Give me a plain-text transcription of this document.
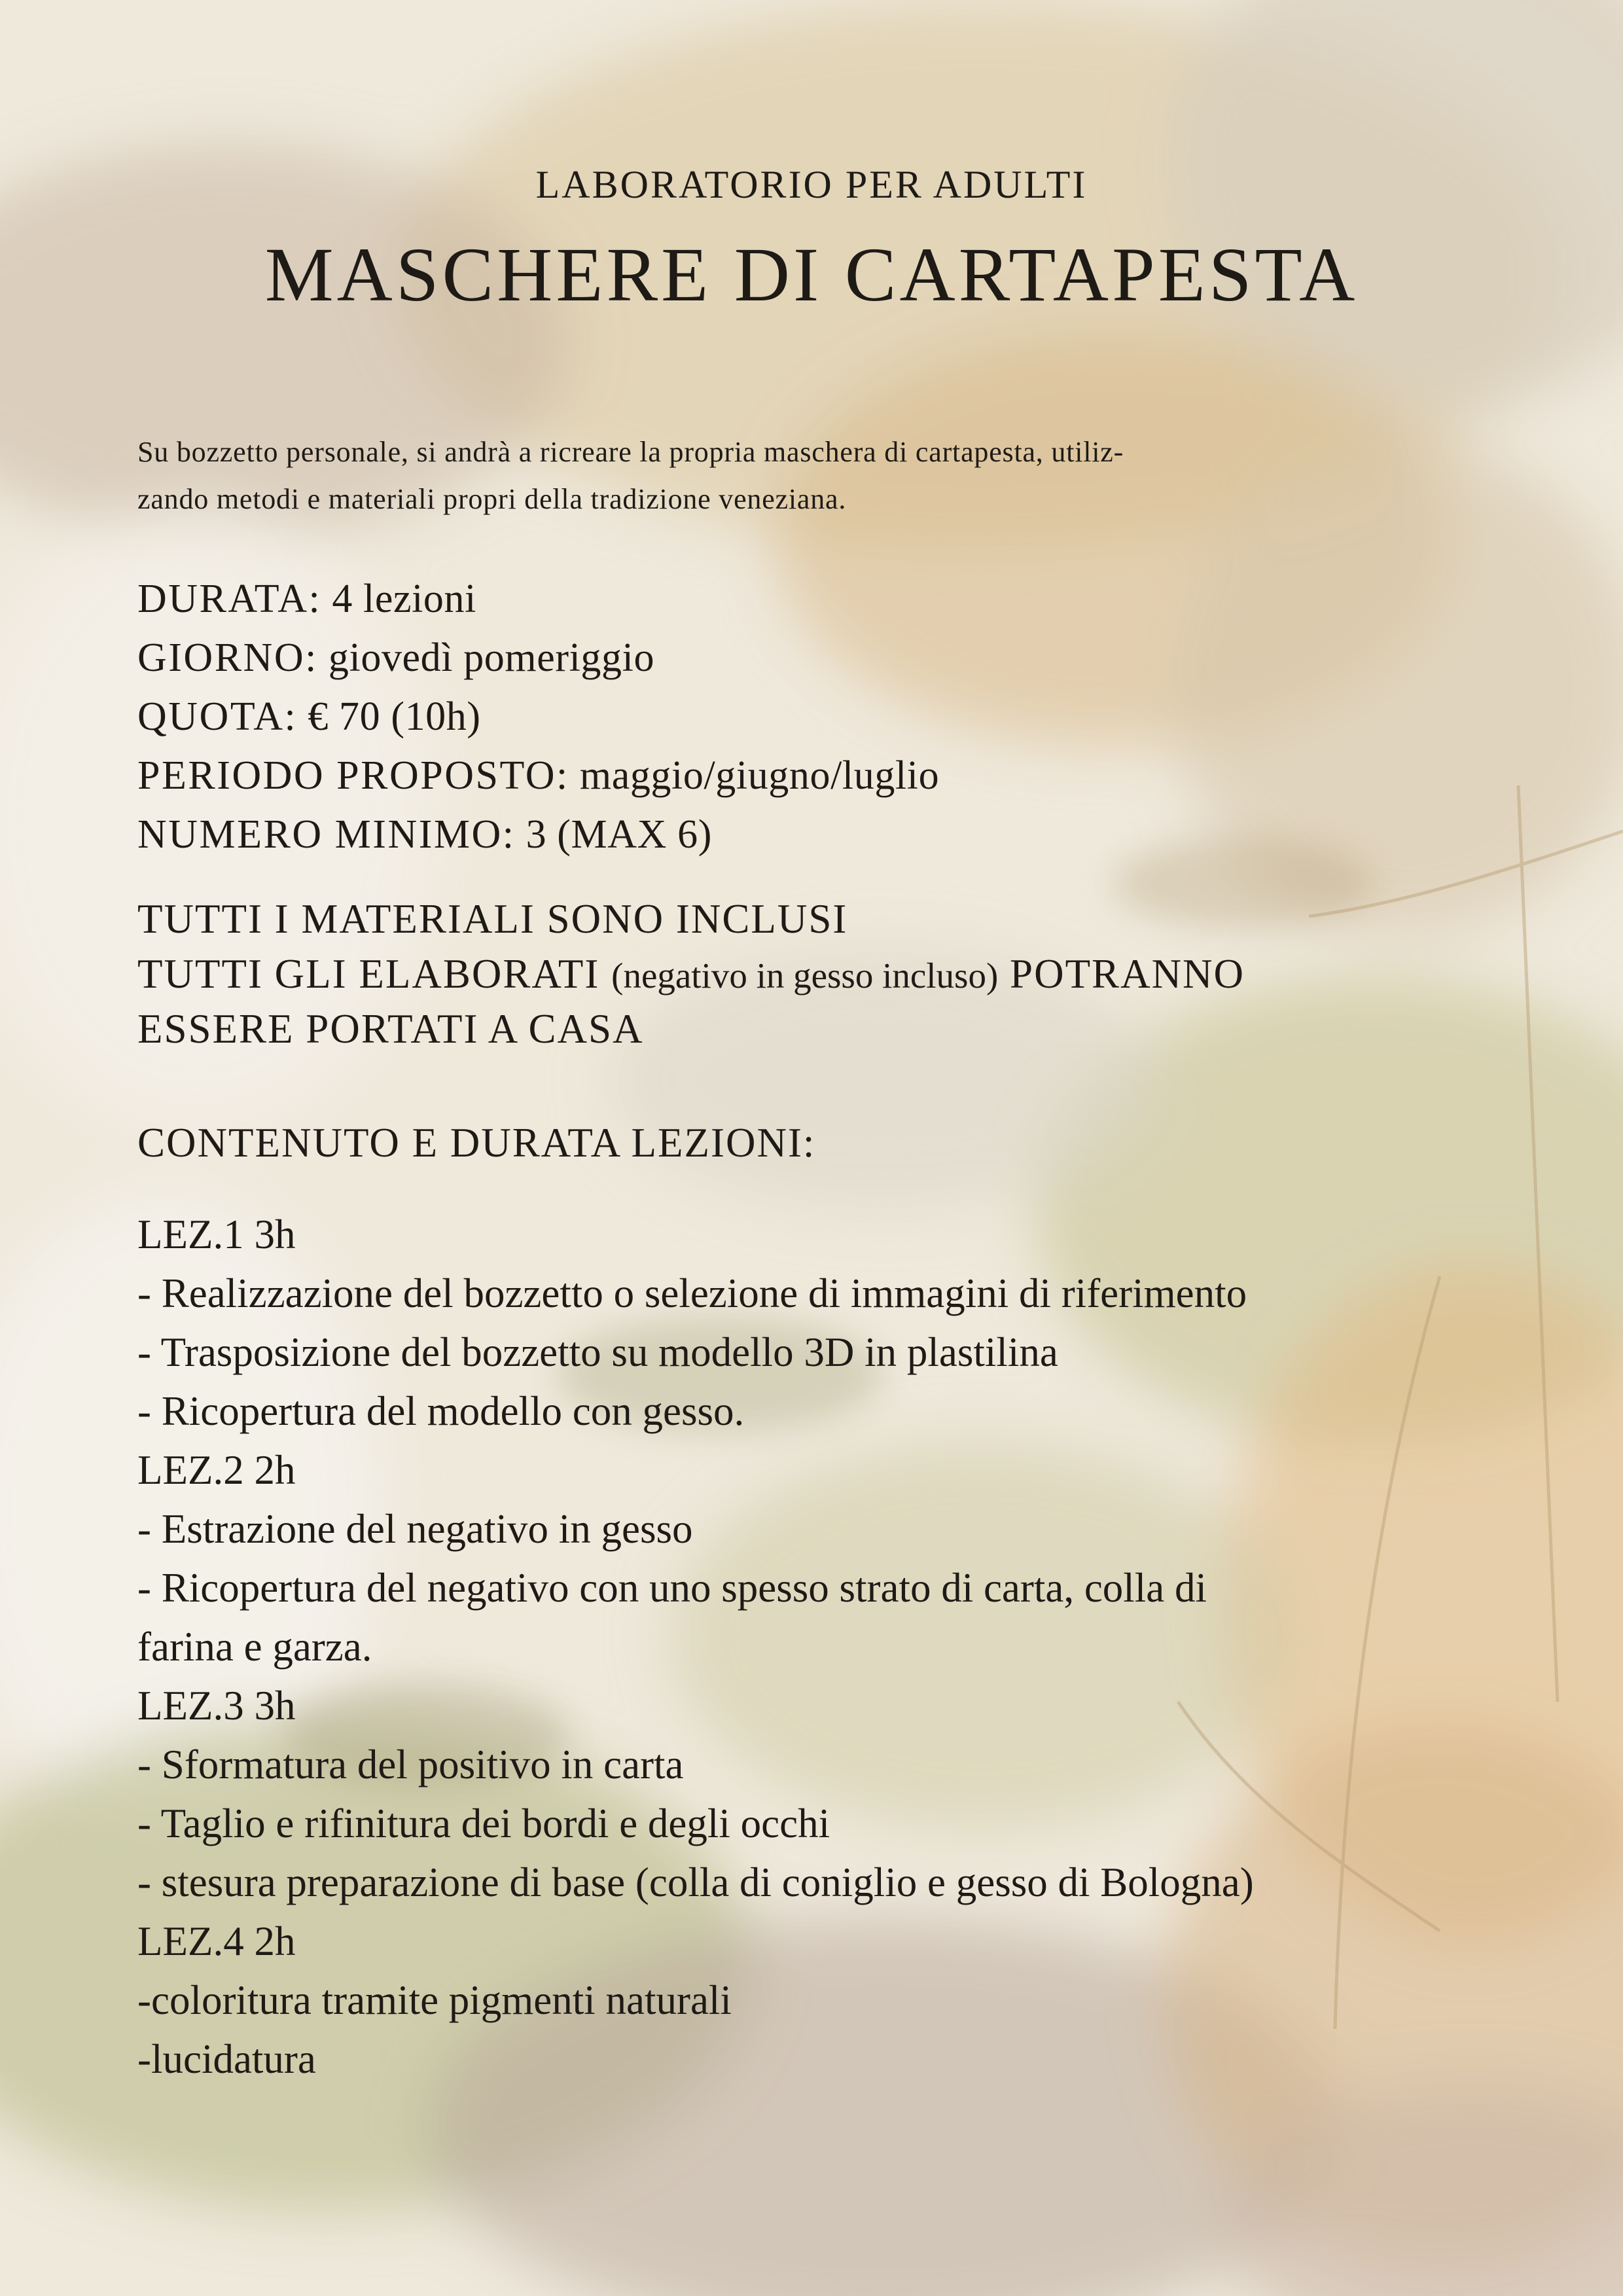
LABORATORIO PER ADULTI
MASCHERE DI CARTAPESTA
Su bozzetto personale, si andrà a ricreare la propria maschera di cartapesta, utiliz-
zando metodi e materiali propri della tradizione veneziana.
DURATA: 4 lezioni
GIORNO: giovedì pomeriggio
QUOTA: € 70 (10h)
PERIODO PROPOSTO: maggio/giugno/luglio
NUMERO MINIMO: 3 (MAX 6)
TUTTI I MATERIALI SONO INCLUSI
TUTTI GLI ELABORATI (negativo in gesso incluso) POTRANNO
ESSERE PORTATI A CASA
CONTENUTO E DURATA LEZIONI:
LEZ.1 3h
- Realizzazione del bozzetto o selezione di immagini di riferimento
- Trasposizione del bozzetto su modello 3D in plastilina
- Ricopertura del modello con gesso.
LEZ.2 2h
- Estrazione del negativo in gesso
- Ricopertura del negativo con uno spesso strato di carta, colla di
farina e garza.
LEZ.3 3h
- Sformatura del positivo in carta
- Taglio e rifinitura dei bordi e degli occhi
- stesura preparazione di base (colla di coniglio e gesso di Bologna)
LEZ.4 2h
-coloritura tramite pigmenti naturali
-lucidatura
